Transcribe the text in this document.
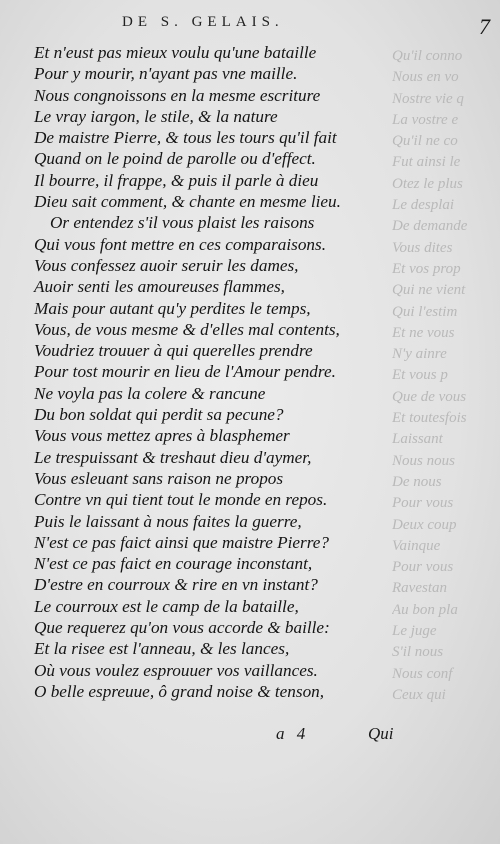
Qu'il conno
Nous en vo
Nostre vie q
La vostre e
Qu'il ne co
Fut ainsi le
Otez le plus
Le desplai
De demande
Vous dites
Et vos prop
Qui ne vient
Qui l'estim
Et ne vous
N'y ainre
Et vous p
Que de vous
Et toutesfois
Laissant
Nous nous
De nous
Pour vous
Deux coup
Vainque
Pour vous
Ravestan
Au bon pla
Le juge
S'il nous
Nous conf
Ceux qui
DE S. GELAIS.	7
Et n'eust pas mieux voulu qu'une bataille
Pour y mourir, n'ayant pas vne maille.
Nous congnoissons en la mesme escriture
Le vray iargon, le stile, & la nature
De maistre Pierre, & tous les tours qu'il fait
Quand on le poind de parolle ou d'effect.
Il bourre, il frappe, & puis il parle à dieu
Dieu sait comment, & chante en mesme lieu.
Or entendez s'il vous plaist les raisons
Qui vous font mettre en ces comparaisons.
Vous confessez auoir seruir les dames,
Auoir senti les amoureuses flammes,
Mais pour autant qu'y perdites le temps,
Vous, de vous mesme & d'elles mal contents,
Voudriez trouuer à qui querelles prendre
Pour tost mourir en lieu de l'Amour pendre.
Ne voyla pas la colere & rancune
Du bon soldat qui perdit sa pecune?
Vous vous mettez apres à blasphemer
Le trespuissant & treshaut dieu d'aymer,
Vous esleuant sans raison ne propos
Contre vn qui tient tout le monde en repos.
Puis le laissant à nous faites la guerre,
N'est ce pas faict ainsi que maistre Pierre?
N'est ce pas faict en courage inconstant,
D'estre en courroux & rire en vn instant?
Le courroux est le camp de la bataille,
Que requerez qu'on vous accorde & baille:
Et la risee est l'anneau, & les lances,
Où vous voulez esprouuer vos vaillances.
O belle espreuue, ô grand noise & tenson,
a 4	Qui
